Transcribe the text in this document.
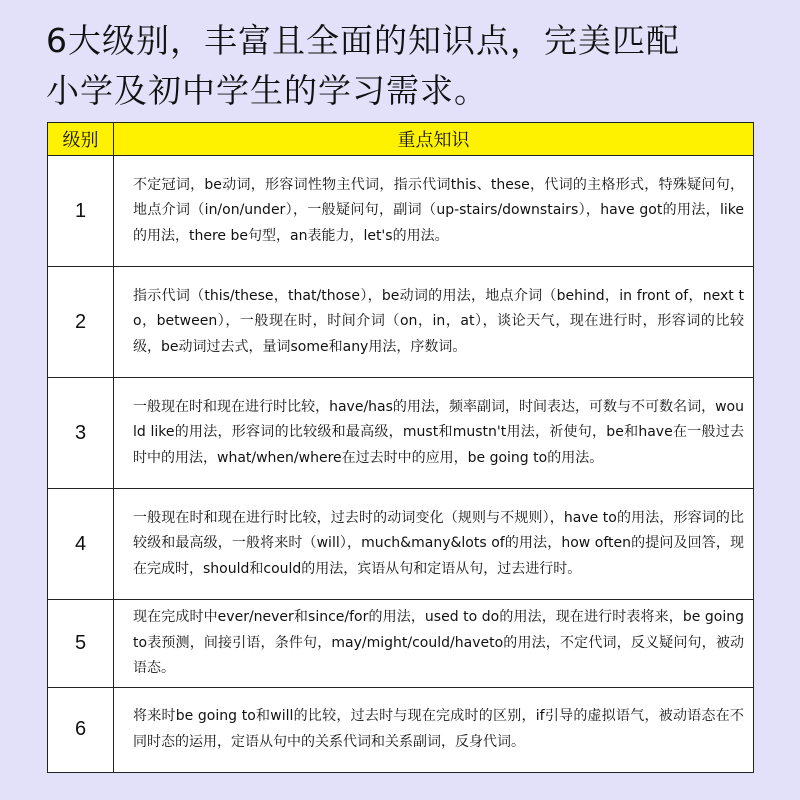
6大级别，丰富且全面的知识点，完美匹配
小学及初中学生的学习需求。
级别	重点知识
1	不定冠词，be动词，形容词性物主代词，指示代词this、these，代词的主格形式，特殊疑问句，地点介词（in/on/under），一般疑问句，副词（up-stairs/downstairs），have got的用法，like的用法，there be句型，an表能力，let's的用法。
2	指示代词（this/these，that/those），be动词的用法，地点介词（behind，in front of，next to，between），一般现在时，时间介词（on，in，at），谈论天气，现在进行时，形容词的比较级，be动词过去式，量词some和any用法，序数词。
3	一般现在时和现在进行时比较，have/has的用法，频率副词，时间表达，可数与不可数名词，would like的用法，形容词的比较级和最高级，must和mustn't用法，祈使句，be和have在一般过去时中的用法，what/when/where在过去时中的应用，be going to的用法。
4	一般现在时和现在进行时比较，过去时的动词变化（规则与不规则），have to的用法，形容词的比较级和最高级，一般将来时（will），much&many&lots of的用法，how often的提问及回答，现在完成时，should和could的用法，宾语从句和定语从句，过去进行时。
5	现在完成时中ever/never和since/for的用法，used to do的用法，现在进行时表将来，be going to表预测，间接引语，条件句，may/might/could/haveto的用法，不定代词，反义疑问句，被动语态。
6	将来时be going to和will的比较，过去时与现在完成时的区别，if引导的虚拟语气，被动语态在不同时态的运用，定语从句中的关系代词和关系副词，反身代词。
